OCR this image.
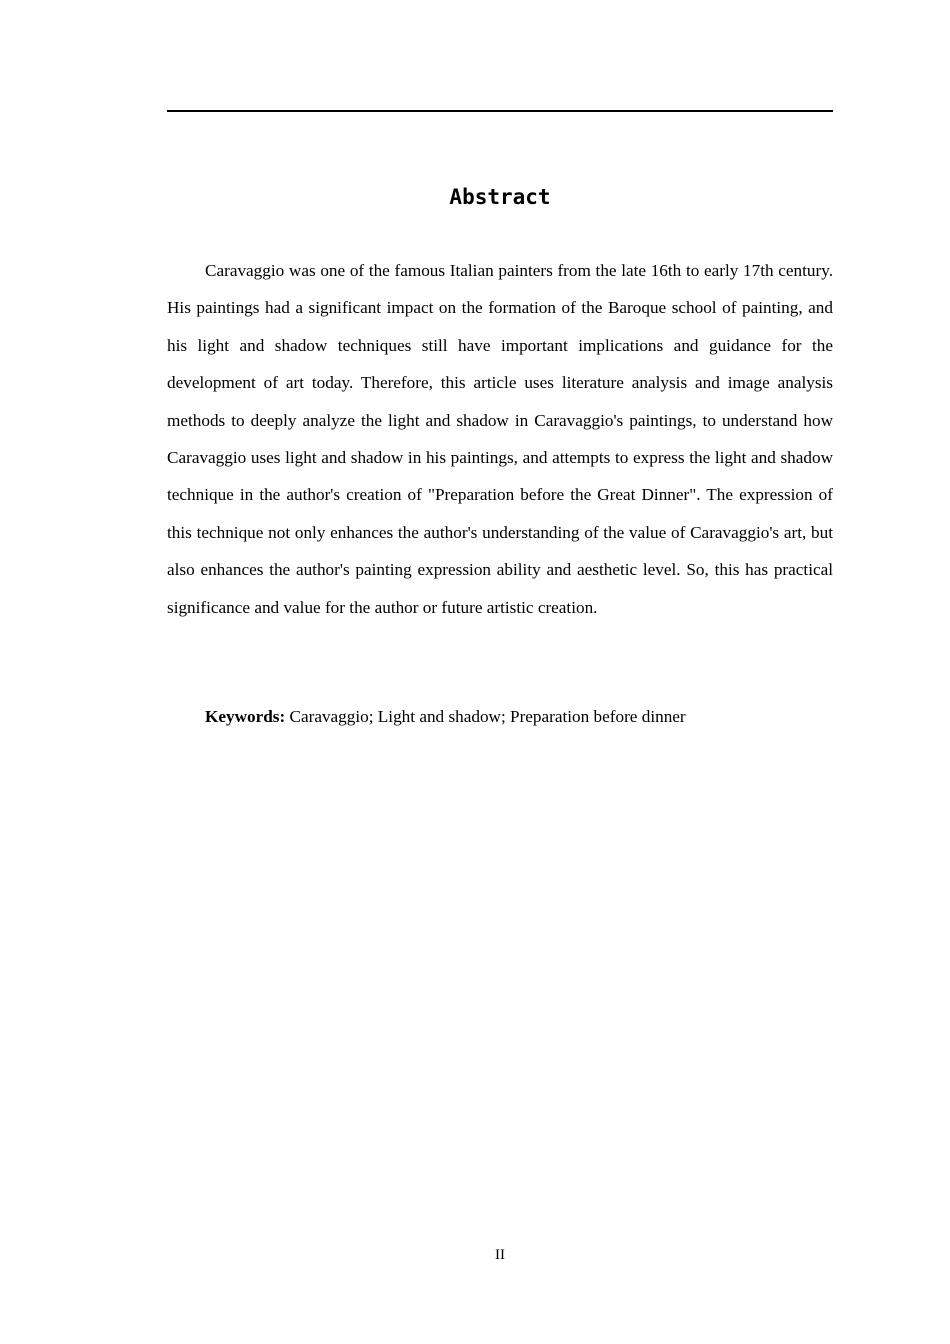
Abstract

Caravaggio was one of the famous Italian painters from the late 16th to early 17th century. His paintings had a significant impact on the formation of the Baroque school of painting, and his light and shadow techniques still have important implications and guidance for the development of art today. Therefore, this article uses literature analysis and image analysis methods to deeply analyze the light and shadow in Caravaggio's paintings, to understand how Caravaggio uses light and shadow in his paintings, and attempts to express the light and shadow technique in the author's creation of "Preparation before the Great Dinner". The expression of this technique not only enhances the author's understanding of the value of Caravaggio's art, but also enhances the author's painting expression ability and aesthetic level. So, this has practical significance and value for the author or future artistic creation.

Keywords: Caravaggio; Light and shadow; Preparation before dinner

II
